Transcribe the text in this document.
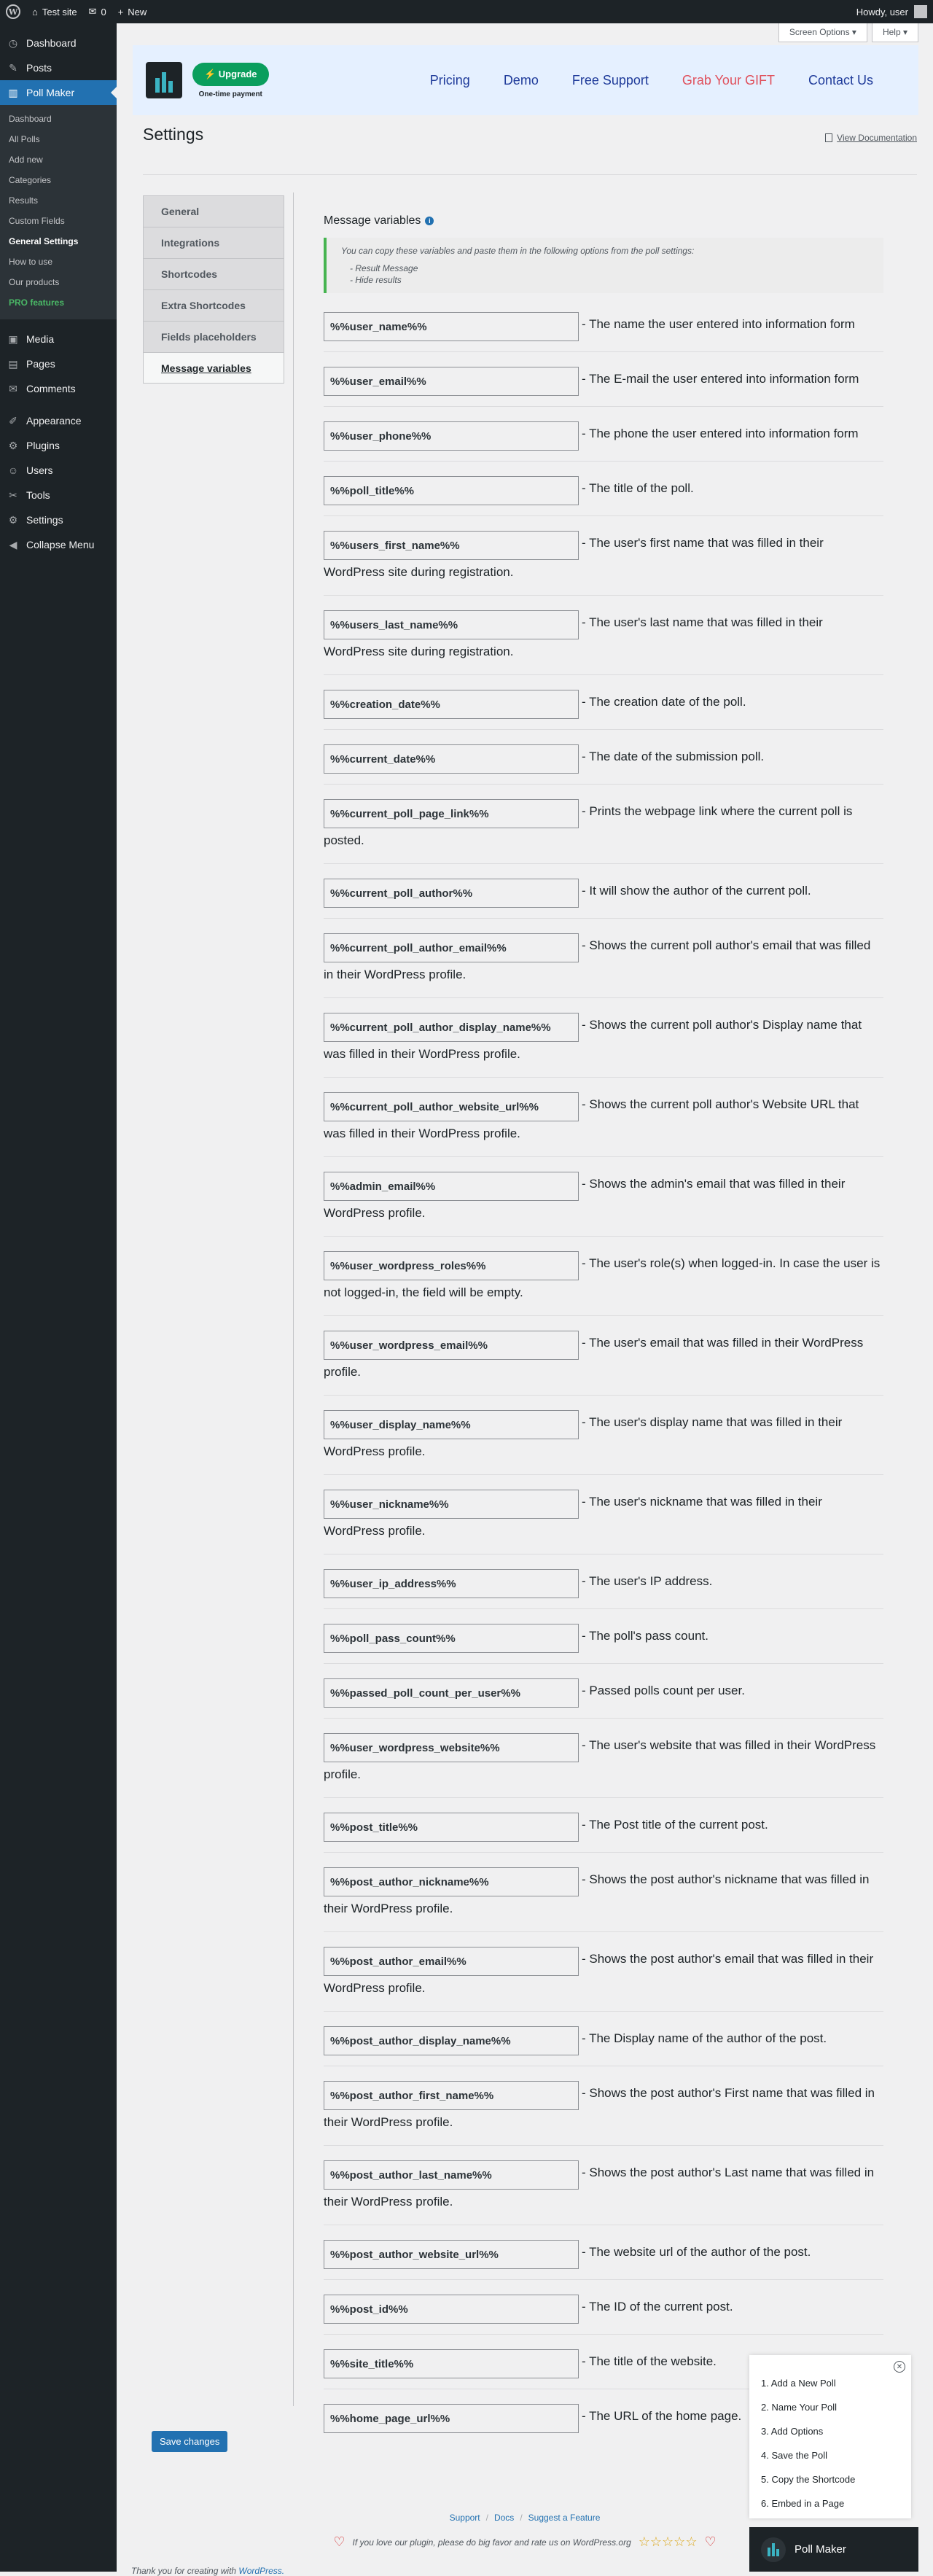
W ⌂ Test site ✉ 0 + New	Howdy, user
◷ Dashboard
✎ Posts
▥ Poll Maker
Dashboard
All Polls
Add new
Categories
Results
Custom Fields
General Settings
How to use
Our products
PRO features
▣ Media
▤ Pages
✉ Comments
✐ Appearance
⚙ Plugins
☺ Users
✂ Tools
⚙ Settings
◀ Collapse Menu
Screen Options ▾	Help ▾
⚡ Upgrade
One-time payment
Pricing	Demo	Free Support	Grab Your GIFT	Contact Us
Settings	View Documentation
General
Integrations
Shortcodes
Extra Shortcodes
Fields placeholders
Message variables
Message variables	i
You can copy these variables and paste them in the following options from the poll settings:
- Result Message
- Hide results
%%user_name%%	- The name the user entered into information form
%%user_email%%	- The E-mail the user entered into information form
%%user_phone%%	- The phone the user entered into information form
%%poll_title%%	- The title of the poll.
%%users_first_name%%	- The user's first name that was filled in their WordPress site during registration.
%%users_last_name%%	- The user's last name that was filled in their WordPress site during registration.
%%creation_date%%	- The creation date of the poll.
%%current_date%%	- The date of the submission poll.
%%current_poll_page_link%%	- Prints the webpage link where the current poll is posted.
%%current_poll_author%%	- It will show the author of the current poll.
%%current_poll_author_email%%	- Shows the current poll author's email that was filled in their WordPress profile.
%%current_poll_author_display_name%% - Shows the current poll author's Display name that was filled in their WordPress profile.
%%current_poll_author_website_url%%	- Shows the current poll author's Website URL that was filled in their WordPress profile.
%%admin_email%%	- Shows the admin's email that was filled in their WordPress profile.
%%user_wordpress_roles%%	- The user's role(s) when logged-in. In case the user is not logged-in, the field will be empty.
%%user_wordpress_email%%	- The user's email that was filled in their WordPress profile.
%%user_display_name%%	- The user's display name that was filled in their WordPress profile.
%%user_nickname%%	- The user's nickname that was filled in their WordPress profile.
%%user_ip_address%%	- The user's IP address.
%%poll_pass_count%%	- The poll's pass count.
%%passed_poll_count_per_user%%	- Passed polls count per user.
%%user_wordpress_website%%	- The user's website that was filled in their WordPress profile.
%%post_title%%	- The Post title of the current post.
%%post_author_nickname%%	- Shows the post author's nickname that was filled in their WordPress profile.
%%post_author_email%%	- Shows the post author's email that was filled in their WordPress profile.
%%post_author_display_name%%	- The Display name of the author of the post.
%%post_author_first_name%%	- Shows the post author's First name that was filled in their WordPress profile.
%%post_author_last_name%%	- Shows the post author's Last name that was filled in their WordPress profile.
%%post_author_website_url%%	- The website url of the author of the post.
%%post_id%%	- The ID of the current post.
%%site_title%%	- The title of the website.
%%home_page_url%%	- The URL of the home page.
Save changes
Support / Docs / Suggest a Feature
♡ If you love our plugin, please do big favor and rate us on WordPress.org ☆☆☆☆☆ ♡
Thank you for creating with WordPress.
✕
1. Add a New Poll
2. Name Your Poll
3. Add Options
4. Save the Poll
5. Copy the Shortcode
6. Embed in a Page
Poll Maker
